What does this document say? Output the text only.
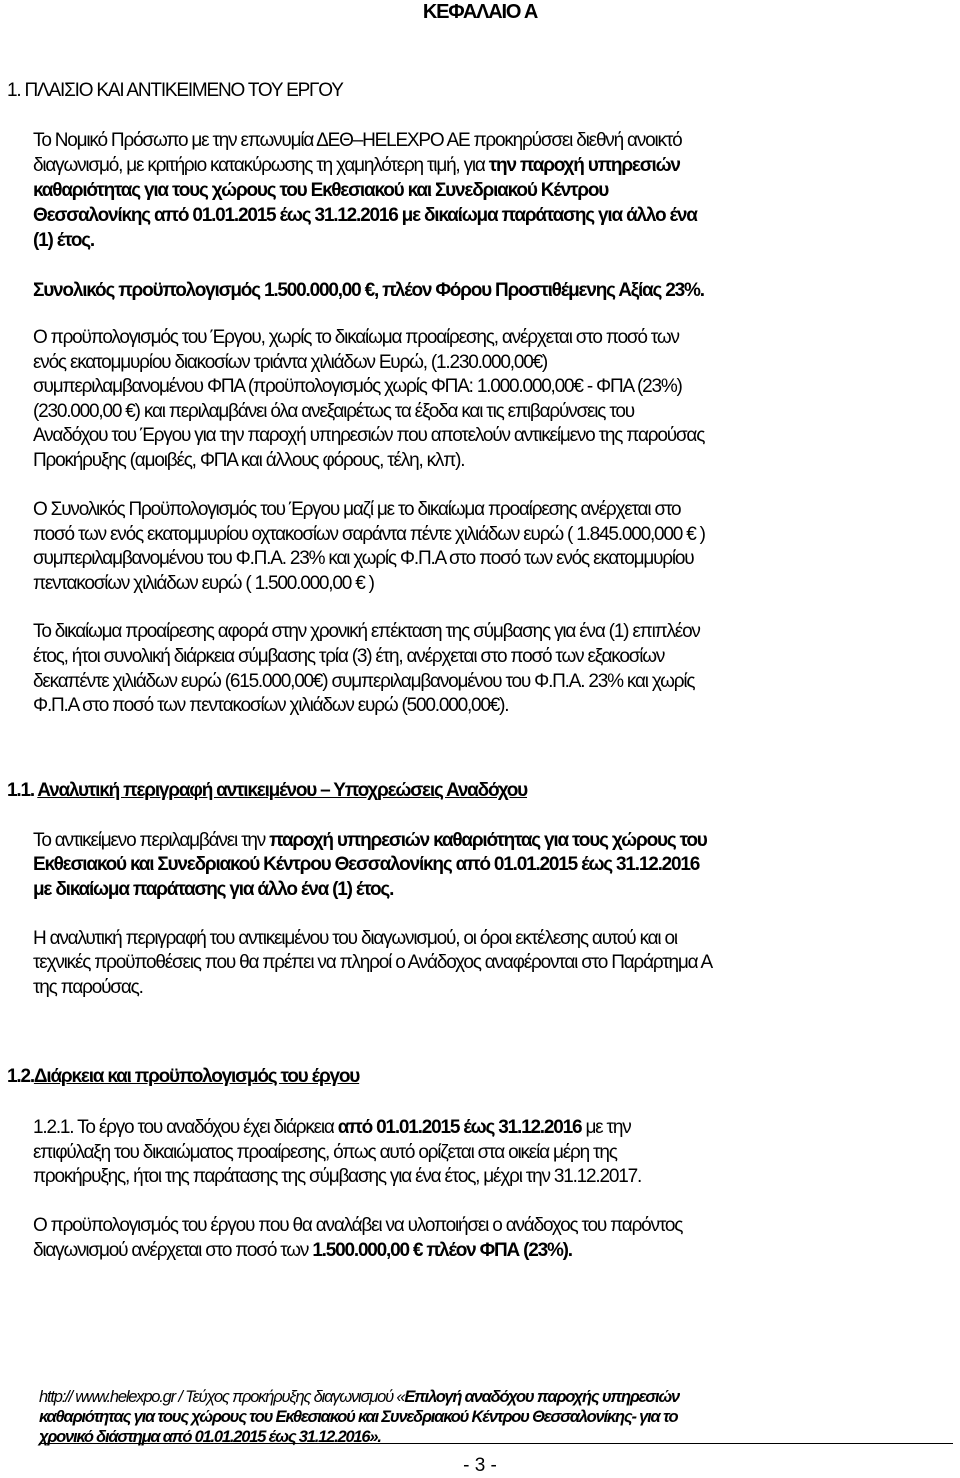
ΚΕΦΑΛΑΙΟ Α
1. ΠΛΑΙΣΙΟ ΚΑΙ ΑΝΤΙΚΕΙΜΕΝΟ ΤΟΥ ΕΡΓΟΥ
Το Νομικό Πρόσωπο με την επωνυμία ΔΕΘ–HELEXPO AE προκηρύσσει διεθνή ανοικτό
διαγωνισμό, με κριτήριο κατακύρωσης τη χαμηλότερη τιμή, για την παροχή υπηρεσιών
καθαριότητας για τους χώρους του Εκθεσιακού και Συνεδριακού Κέντρου
Θεσσαλονίκης από 01.01.2015 έως 31.12.2016 με δικαίωμα παράτασης για άλλο ένα
(1) έτος.
Συνολικός προϋπολογισμός 1.500.000,00 €, πλέον Φόρου Προστιθέμενης Αξίας 23%.
Ο προϋπολογισμός του Έργου, χωρίς το δικαίωμα προαίρεσης, ανέρχεται στο ποσό των
ενός εκατομμυρίου διακοσίων τριάντα χιλιάδων Ευρώ, (1.230.000,00€)
συμπεριλαμβανομένου ΦΠΑ (προϋπολογισμός χωρίς ΦΠΑ: 1.000.000,00€ - ΦΠΑ (23%)
(230.000,00 €) και περιλαμβάνει όλα ανεξαιρέτως τα έξοδα και τις επιβαρύνσεις του
Αναδόχου του Έργου για την παροχή υπηρεσιών που αποτελούν αντικείμενο της παρούσας
Προκήρυξης (αμοιβές, ΦΠΑ και άλλους φόρους, τέλη, κλπ).
Ο Συνολικός Προϋπολογισμός του Έργου μαζί με το δικαίωμα προαίρεσης ανέρχεται στο
ποσό των ενός εκατομμυρίου οχτακοσίων σαράντα πέντε χιλιάδων ευρώ ( 1.845.000,000 € )
συμπεριλαμβανομένου του Φ.Π.Α. 23% και χωρίς Φ.Π.Α στο ποσό των ενός εκατομμυρίου
πεντακοσίων χιλιάδων ευρώ ( 1.500.000,00 € )
Το δικαίωμα προαίρεσης αφορά στην χρονική επέκταση της σύμβασης για ένα (1) επιπλέον
έτος, ήτοι συνολική διάρκεια σύμβασης τρία (3) έτη, ανέρχεται στο ποσό των εξακοσίων
δεκαπέντε χιλιάδων ευρώ (615.000,00€) συμπεριλαμβανομένου του Φ.Π.Α. 23% και χωρίς
Φ.Π.Α στο ποσό των πεντακοσίων χιλιάδων ευρώ (500.000,00€).
1.1. Αναλυτική περιγραφή αντικειμένου – Υποχρεώσεις Αναδόχου
Το αντικείμενο περιλαμβάνει την παροχή υπηρεσιών καθαριότητας για τους χώρους του
Εκθεσιακού και Συνεδριακού Κέντρου Θεσσαλονίκης από 01.01.2015 έως 31.12.2016
με δικαίωμα παράτασης για άλλο ένα (1) έτος.
Η αναλυτική περιγραφή του αντικειμένου του διαγωνισμού, οι όροι εκτέλεσης αυτού και οι
τεχνικές προϋποθέσεις που θα πρέπει να πληροί ο Ανάδοχος αναφέρονται στο Παράρτημα Α
της παρούσας.
1.2.Διάρκεια και προϋπολογισμός του έργου
1.2.1. Το έργο του αναδόχου έχει διάρκεια από 01.01.2015 έως 31.12.2016 με την
επιφύλαξη του δικαιώματος προαίρεσης, όπως αυτό ορίζεται στα οικεία μέρη της
προκήρυξης, ήτοι της παράτασης της σύμβασης για ένα έτος, μέχρι την 31.12.2017.
Ο προϋπολογισμός του έργου που θα αναλάβει να υλοποιήσει ο ανάδοχος του παρόντος
διαγωνισμού ανέρχεται στο ποσό των 1.500.000,00 € πλέον ΦΠΑ (23%).
http:// www.helexpo.gr / Τεύχος προκήρυξης διαγωνισμού «Επιλογή αναδόχου παροχής υπηρεσιών
καθαριότητας για τους χώρους του Εκθεσιακού και Συνεδριακού Κέντρου Θεσσαλονίκης- για το
χρονικό διάστημα από 01.01.2015 έως 31.12.2016».
- 3 -
